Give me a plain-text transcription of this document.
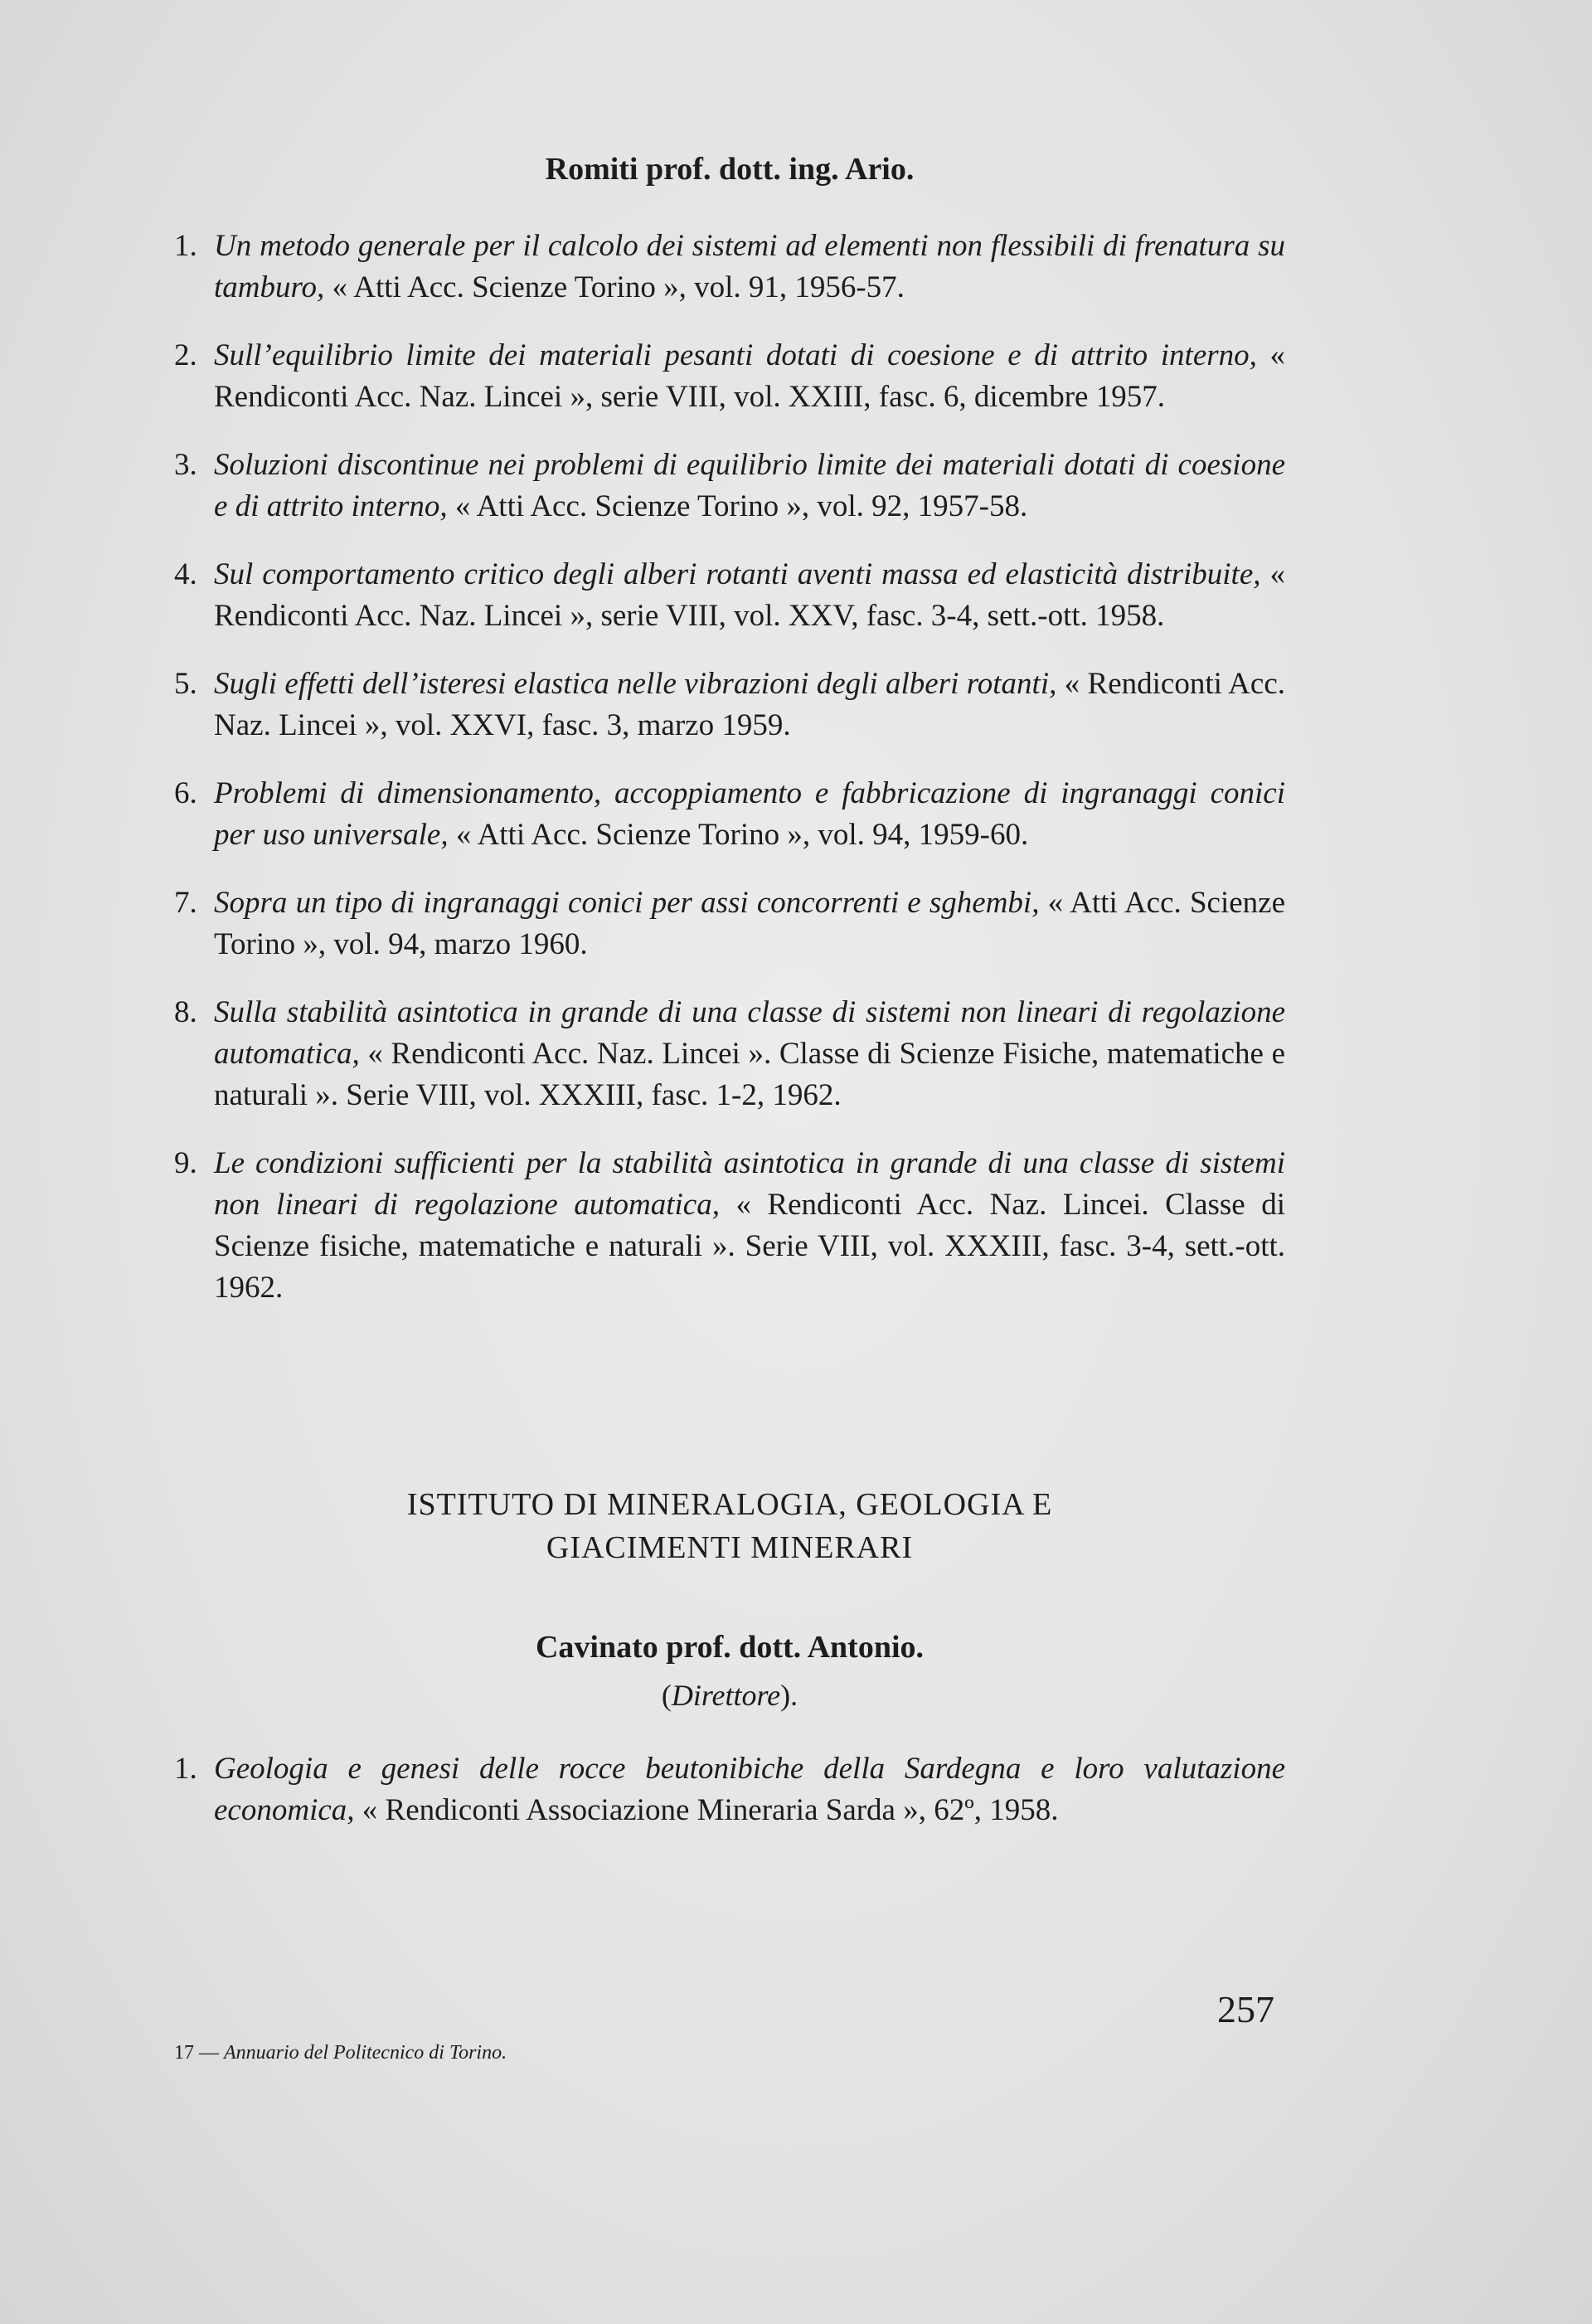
Romiti prof. dott. ing. Ario.
1. Un metodo generale per il calcolo dei sistemi ad elementi non flessibili di frenatura su tamburo, « Atti Acc. Scienze Torino », vol. 91, 1956-57.
2. Sull’equilibrio limite dei materiali pesanti dotati di coesione e di attrito interno, « Rendiconti Acc. Naz. Lincei », serie VIII, vol. XXIII, fasc. 6, dicembre 1957.
3. Soluzioni discontinue nei problemi di equilibrio limite dei materiali dotati di coesione e di attrito interno, « Atti Acc. Scienze Torino », vol. 92, 1957-58.
4. Sul comportamento critico degli alberi rotanti aventi massa ed elasticità distribuite, « Rendiconti Acc. Naz. Lincei », serie VIII, vol. XXV, fasc. 3-4, sett.-ott. 1958.
5. Sugli effetti dell’isteresi elastica nelle vibrazioni degli alberi rotanti, « Rendiconti Acc. Naz. Lincei », vol. XXVI, fasc. 3, marzo 1959.
6. Problemi di dimensionamento, accoppiamento e fabbricazione di ingranaggi conici per uso universale, « Atti Acc. Scienze Torino », vol. 94, 1959-60.
7. Sopra un tipo di ingranaggi conici per assi concorrenti e sghembi, « Atti Acc. Scienze Torino », vol. 94, marzo 1960.
8. Sulla stabilità asintotica in grande di una classe di sistemi non lineari di regolazione automatica, « Rendiconti Acc. Naz. Lincei ». Classe di Scienze Fisiche, matematiche e naturali ». Serie VIII, vol. XXXIII, fasc. 1-2, 1962.
9. Le condizioni sufficienti per la stabilità asintotica in grande di una classe di sistemi non lineari di regolazione automatica, « Rendiconti Acc. Naz. Lincei. Classe di Scienze fisiche, matematiche e naturali ». Serie VIII, vol. XXXIII, fasc. 3-4, sett.-ott. 1962.
ISTITUTO DI MINERALOGIA, GEOLOGIA E
GIACIMENTI MINERARI
Cavinato prof. dott. Antonio.
(Direttore).
1. Geologia e genesi delle rocce beutonibiche della Sardegna e loro valutazione economica, « Rendiconti Associazione Mineraria Sarda », 62º, 1958.
257
17 — Annuario del Politecnico di Torino.
